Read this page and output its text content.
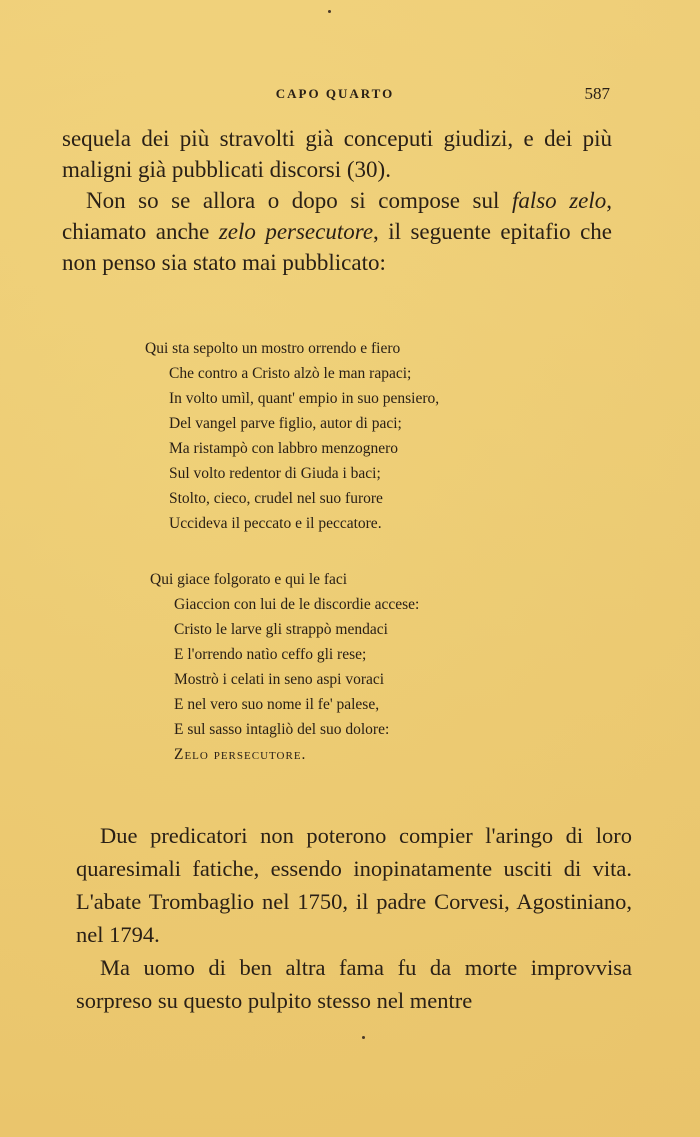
CAPO QUARTO	587

sequela dei più stravolti già conceputi giudizi, e dei più maligni già pubblicati discorsi (30).

Non so se allora o dopo si compose sul falso zelo, chiamato anche zelo persecutore, il seguente epitafio che non penso sia stato mai pubblicato:

Qui sta sepolto un mostro orrendo e fiero
Che contro a Cristo alzò le man rapaci;
In volto umìl, quant' empio in suo pensiero,
Del vangel parve figlio, autor di paci;
Ma ristampò con labbro menzognero
Sul volto redentor di Giuda i baci;
Stolto, cieco, crudel nel suo furore
Uccideva il peccato e il peccatore.
Qui giace folgorato e qui le faci
Giaccion con lui de le discordie accese:
Cristo le larve gli strappò mendaci
E l'orrendo natìo ceffo gli rese;
Mostrò i celati in seno aspi voraci
E nel vero suo nome il fe' palese,
E sul sasso intagliò del suo dolore:
Zelo persecutore.

Due predicatori non poterono compier l'aringo di loro quaresimali fatiche, essendo inopinatamente usciti di vita. L'abate Trombaglio nel 1750, il padre Corvesi, Agostiniano, nel 1794.

Ma uomo di ben altra fama fu da morte improvvisa sorpreso su questo pulpito stesso nel mentre
